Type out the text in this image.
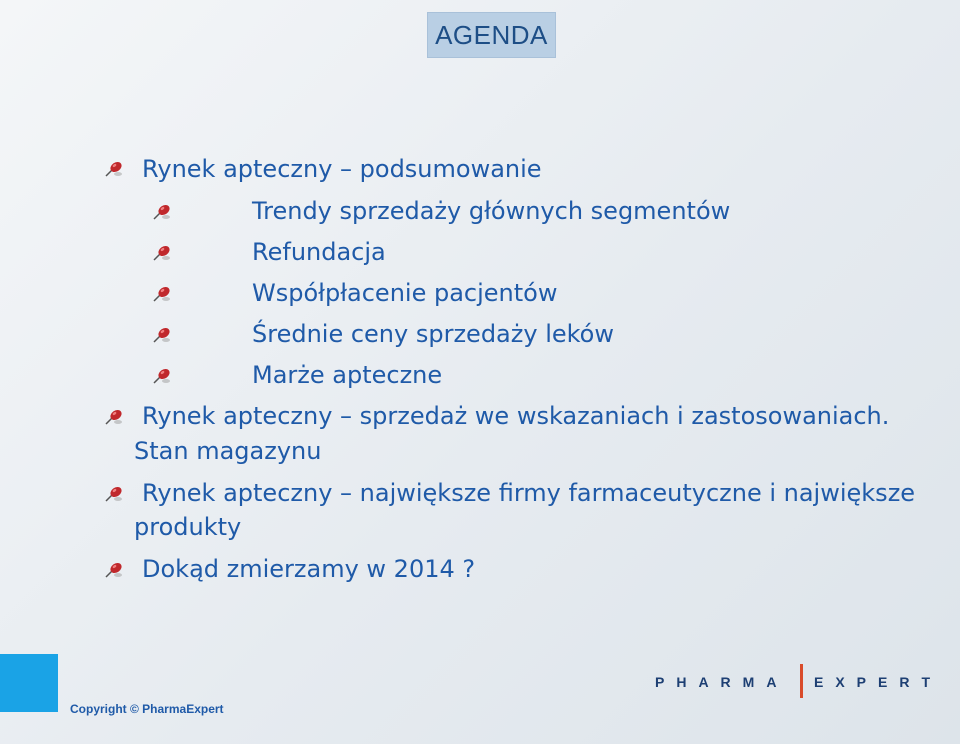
AGENDA
Rynek apteczny – podsumowanie
Trendy sprzedaży głównych segmentów
Refundacja
Współpłacenie pacjentów
Średnie ceny sprzedaży leków
Marże apteczne
Rynek apteczny – sprzedaż we wskazaniach i zastosowaniach.
Stan magazynu
Rynek apteczny – największe firmy farmaceutyczne i największe
produkty
Dokąd zmierzamy w 2014 ?
Copyright © PharmaExpert
PHARMA EXPERT
